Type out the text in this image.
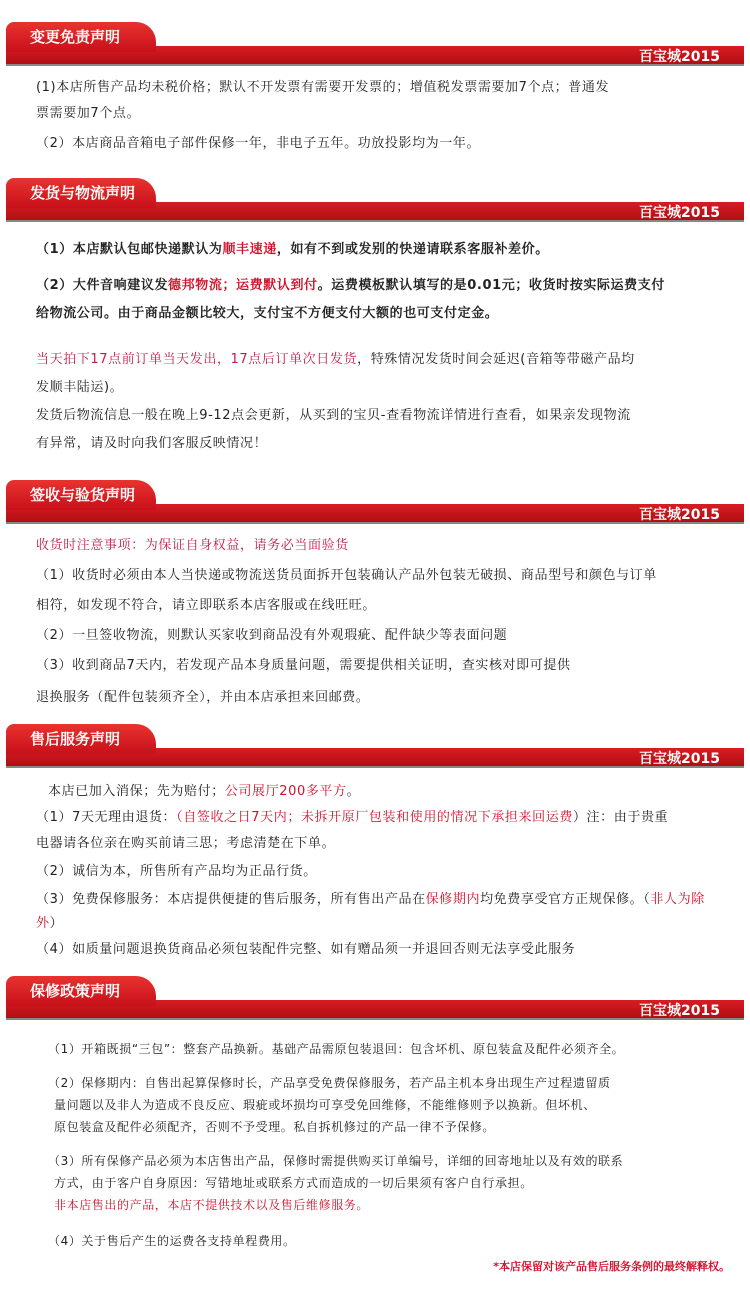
变更免责声明
百宝城2015
(1)本店所售产品均未税价格；默认不开发票有需要开发票的；增值税发票需要加7个点；普通发
票需要加7个点。
（2）本店商品音箱电子部件保修一年，非电子五年。功放投影均为一年。
发货与物流声明
百宝城2015
（1）本店默认包邮快递默认为顺丰速递，如有不到或发别的快递请联系客服补差价。
（2）大件音响建议发德邦物流；运费默认到付。运费模板默认填写的是0.01元；收货时按实际运费支付
给物流公司。由于商品金额比较大，支付宝不方便支付大额的也可支付定金。
当天拍下17点前订单当天发出，17点后订单次日发货，特殊情况发货时间会延迟(音箱等带磁产品均
发顺丰陆运)。
发货后物流信息一般在晚上9-12点会更新，从买到的宝贝-查看物流详情进行查看，如果亲发现物流
有异常，请及时向我们客服反映情况！
签收与验货声明
百宝城2015
收货时注意事项：为保证自身权益，请务必当面验货
（1）收货时必须由本人当快递或物流送货员面拆开包装确认产品外包装无破损、商品型号和颜色与订单
相符，如发现不符合，请立即联系本店客服或在线旺旺。
（2）一旦签收物流，则默认买家收到商品没有外观瑕疵、配件缺少等表面问题
（3）收到商品7天内，若发现产品本身质量问题，需要提供相关证明，查实核对即可提供
退换服务（配件包装须齐全），并由本店承担来回邮费。
售后服务声明
百宝城2015
本店已加入消保；先为赔付；公司展厅200多平方。
（1）7天无理由退货：（自签收之日7天内；未拆开原厂包装和使用的情况下承担来回运费）注：由于贵重
电器请各位亲在购买前请三思；考虑清楚在下单。
（2）诚信为本，所售所有产品均为正品行货。
（3）免费保修服务：本店提供便捷的售后服务，所有售出产品在保修期内均免费享受官方正规保修。（非人为除
外）
（4）如质量问题退换货商品必须包装配件完整、如有赠品须一并退回否则无法享受此服务
保修政策声明
百宝城2015
（1）开箱既损“三包”：整套产品换新。基础产品需原包装退回：包含坏机、原包装盒及配件必须齐全。
（2）保修期内：自售出起算保修时长，产品享受免费保修服务，若产品主机本身出现生产过程遗留质
量问题以及非人为造成不良反应、瑕疵或坏损均可享受免回维修，不能维修则予以换新。但坏机、
原包装盒及配件必须配齐，否则不予受理。私自拆机修过的产品一律不予保修。
（3）所有保修产品必须为本店售出产品，保修时需提供购买订单编号，详细的回寄地址以及有效的联系
方式，由于客户自身原因：写错地址或联系方式而造成的一切后果须有客户自行承担。
非本店售出的产品，本店不提供技术以及售后维修服务。
（4）关于售后产生的运费各支持单程费用。
*本店保留对该产品售后服务条例的最终解释权。
